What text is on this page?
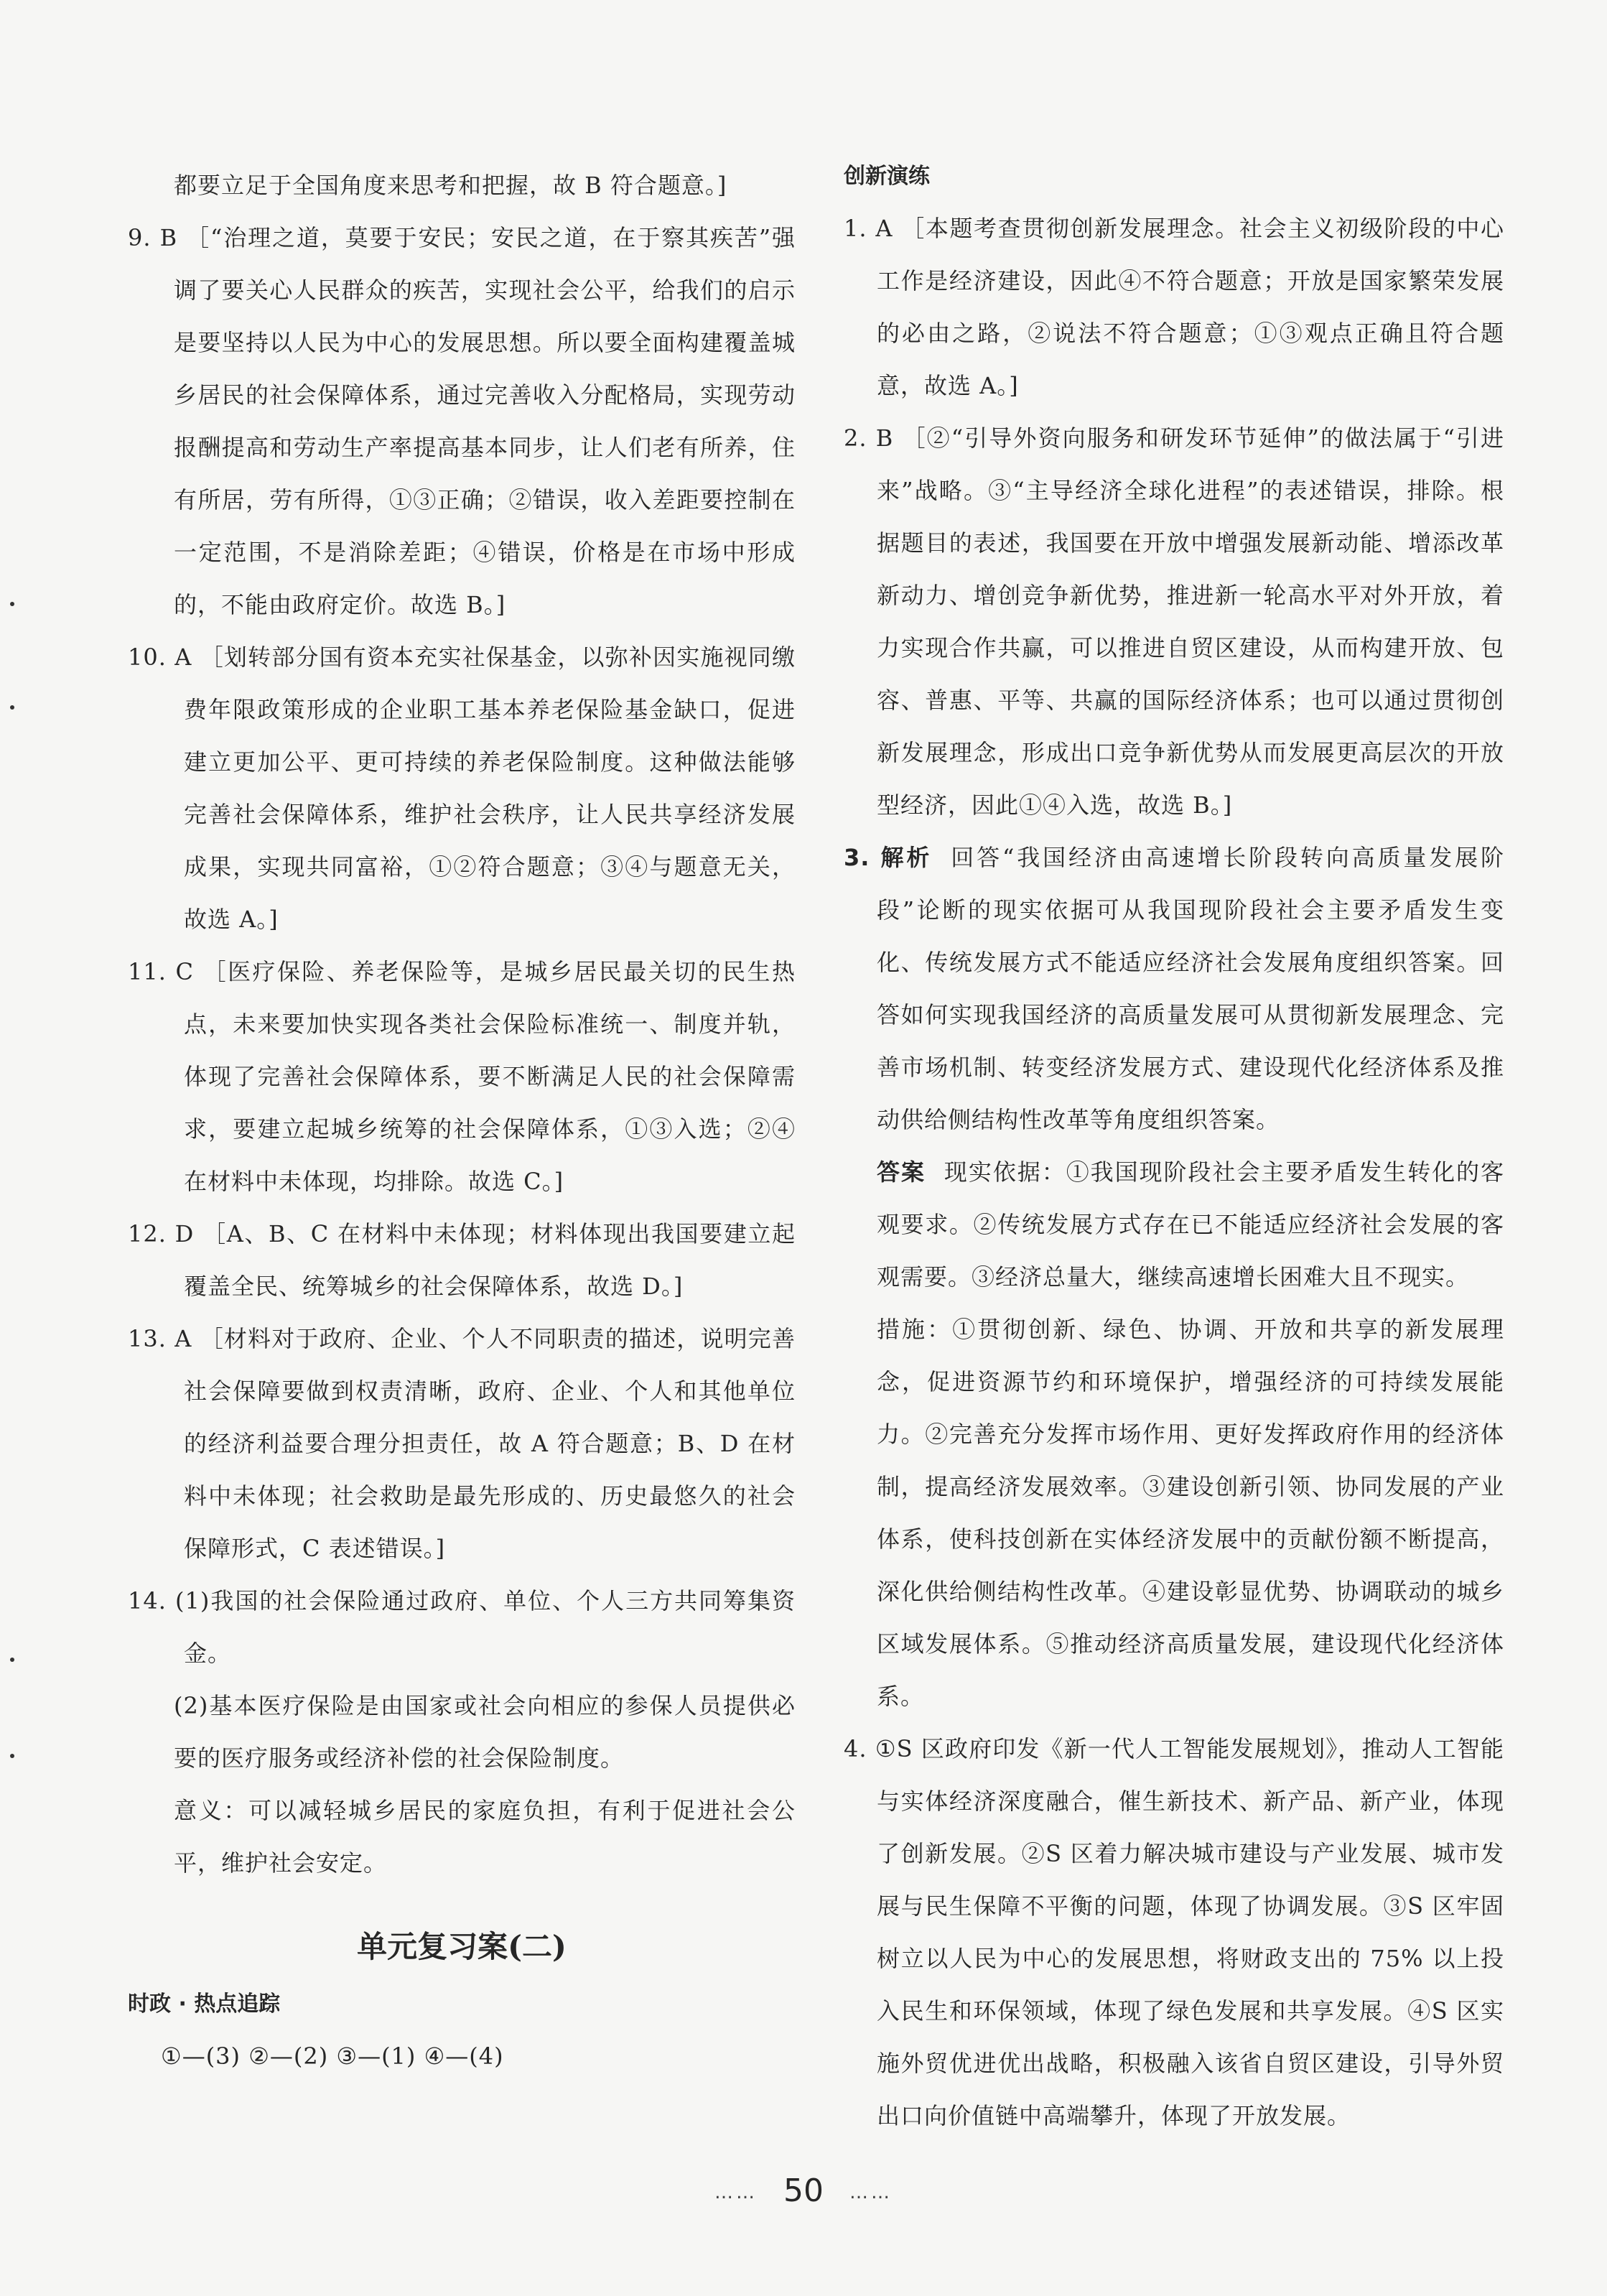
都要立足于全国角度来思考和把握，故 B 符合题意。]

9. B ［“治理之道，莫要于安民；安民之道，在于察其疾苦”强调了要关心人民群众的疾苦，实现社会公平，给我们的启示是要坚持以人民为中心的发展思想。所以要全面构建覆盖城乡居民的社会保障体系，通过完善收入分配格局，实现劳动报酬提高和劳动生产率提高基本同步，让人们老有所养，住有所居，劳有所得，①③正确；②错误，收入差距要控制在一定范围，不是消除差距；④错误，价格是在市场中形成的，不能由政府定价。故选 B。]

10. A ［划转部分国有资本充实社保基金，以弥补因实施视同缴费年限政策形成的企业职工基本养老保险基金缺口，促进建立更加公平、更可持续的养老保险制度。这种做法能够完善社会保障体系，维护社会秩序，让人民共享经济发展成果，实现共同富裕，①②符合题意；③④与题意无关，故选 A。]

11. C ［医疗保险、养老保险等，是城乡居民最关切的民生热点，未来要加快实现各类社会保险标准统一、制度并轨，体现了完善社会保障体系，要不断满足人民的社会保障需求，要建立起城乡统筹的社会保障体系，①③入选；②④在材料中未体现，均排除。故选 C。]

12. D ［A、B、C 在材料中未体现；材料体现出我国要建立起覆盖全民、统筹城乡的社会保障体系，故选 D。]

13. A ［材料对于政府、企业、个人不同职责的描述，说明完善社会保障要做到权责清晰，政府、企业、个人和其他单位的经济利益要合理分担责任，故 A 符合题意；B、D 在材料中未体现；社会救助是最先形成的、历史最悠久的社会保障形式，C 表述错误。]

14. (1)我国的社会保险通过政府、单位、个人三方共同筹集资金。

(2)基本医疗保险是由国家或社会向相应的参保人员提供必要的医疗服务或经济补偿的社会保险制度。

意义：可以减轻城乡居民的家庭负担，有利于促进社会公平，维护社会安定。

单元复习案(二)
时政 · 热点追踪

①—(3) ②—(2) ③—(1) ④—(4)

创新演练

1. A ［本题考查贯彻创新发展理念。社会主义初级阶段的中心工作是经济建设，因此④不符合题意；开放是国家繁荣发展的必由之路，②说法不符合题意；①③观点正确且符合题意，故选 A。]

2. B ［②“引导外资向服务和研发环节延伸”的做法属于“引进来”战略。③“主导经济全球化进程”的表述错误，排除。根据题目的表述，我国要在开放中增强发展新动能、增添改革新动力、增创竞争新优势，推进新一轮高水平对外开放，着力实现合作共赢，可以推进自贸区建设，从而构建开放、包容、普惠、平等、共赢的国际经济体系；也可以通过贯彻创新发展理念，形成出口竞争新优势从而发展更高层次的开放型经济，因此①④入选，故选 B。]

3. 解析 回答“我国经济由高速增长阶段转向高质量发展阶段”论断的现实依据可从我国现阶段社会主要矛盾发生变化、传统发展方式不能适应经济社会发展角度组织答案。回答如何实现我国经济的高质量发展可从贯彻新发展理念、完善市场机制、转变经济发展方式、建设现代化经济体系及推动供给侧结构性改革等角度组织答案。

答案 现实依据：①我国现阶段社会主要矛盾发生转化的客观要求。②传统发展方式存在已不能适应经济社会发展的客观需要。③经济总量大，继续高速增长困难大且不现实。

措施：①贯彻创新、绿色、协调、开放和共享的新发展理念，促进资源节约和环境保护，增强经济的可持续发展能力。②完善充分发挥市场作用、更好发挥政府作用的经济体制，提高经济发展效率。③建设创新引领、协同发展的产业体系，使科技创新在实体经济发展中的贡献份额不断提高，深化供给侧结构性改革。④建设彰显优势、协调联动的城乡区域发展体系。⑤推动经济高质量发展，建设现代化经济体系。

4. ①S 区政府印发《新一代人工智能发展规划》，推动人工智能与实体经济深度融合，催生新技术、新产品、新产业，体现了创新发展。②S 区着力解决城市建设与产业发展、城市发展与民生保障不平衡的问题，体现了协调发展。③S 区牢固树立以人民为中心的发展思想，将财政支出的 75% 以上投入民生和环保领域，体现了绿色发展和共享发展。④S 区实施外贸优进优出战略，积极融入该省自贸区建设，引导外贸出口向价值链中高端攀升，体现了开放发展。

…… 50 ……
